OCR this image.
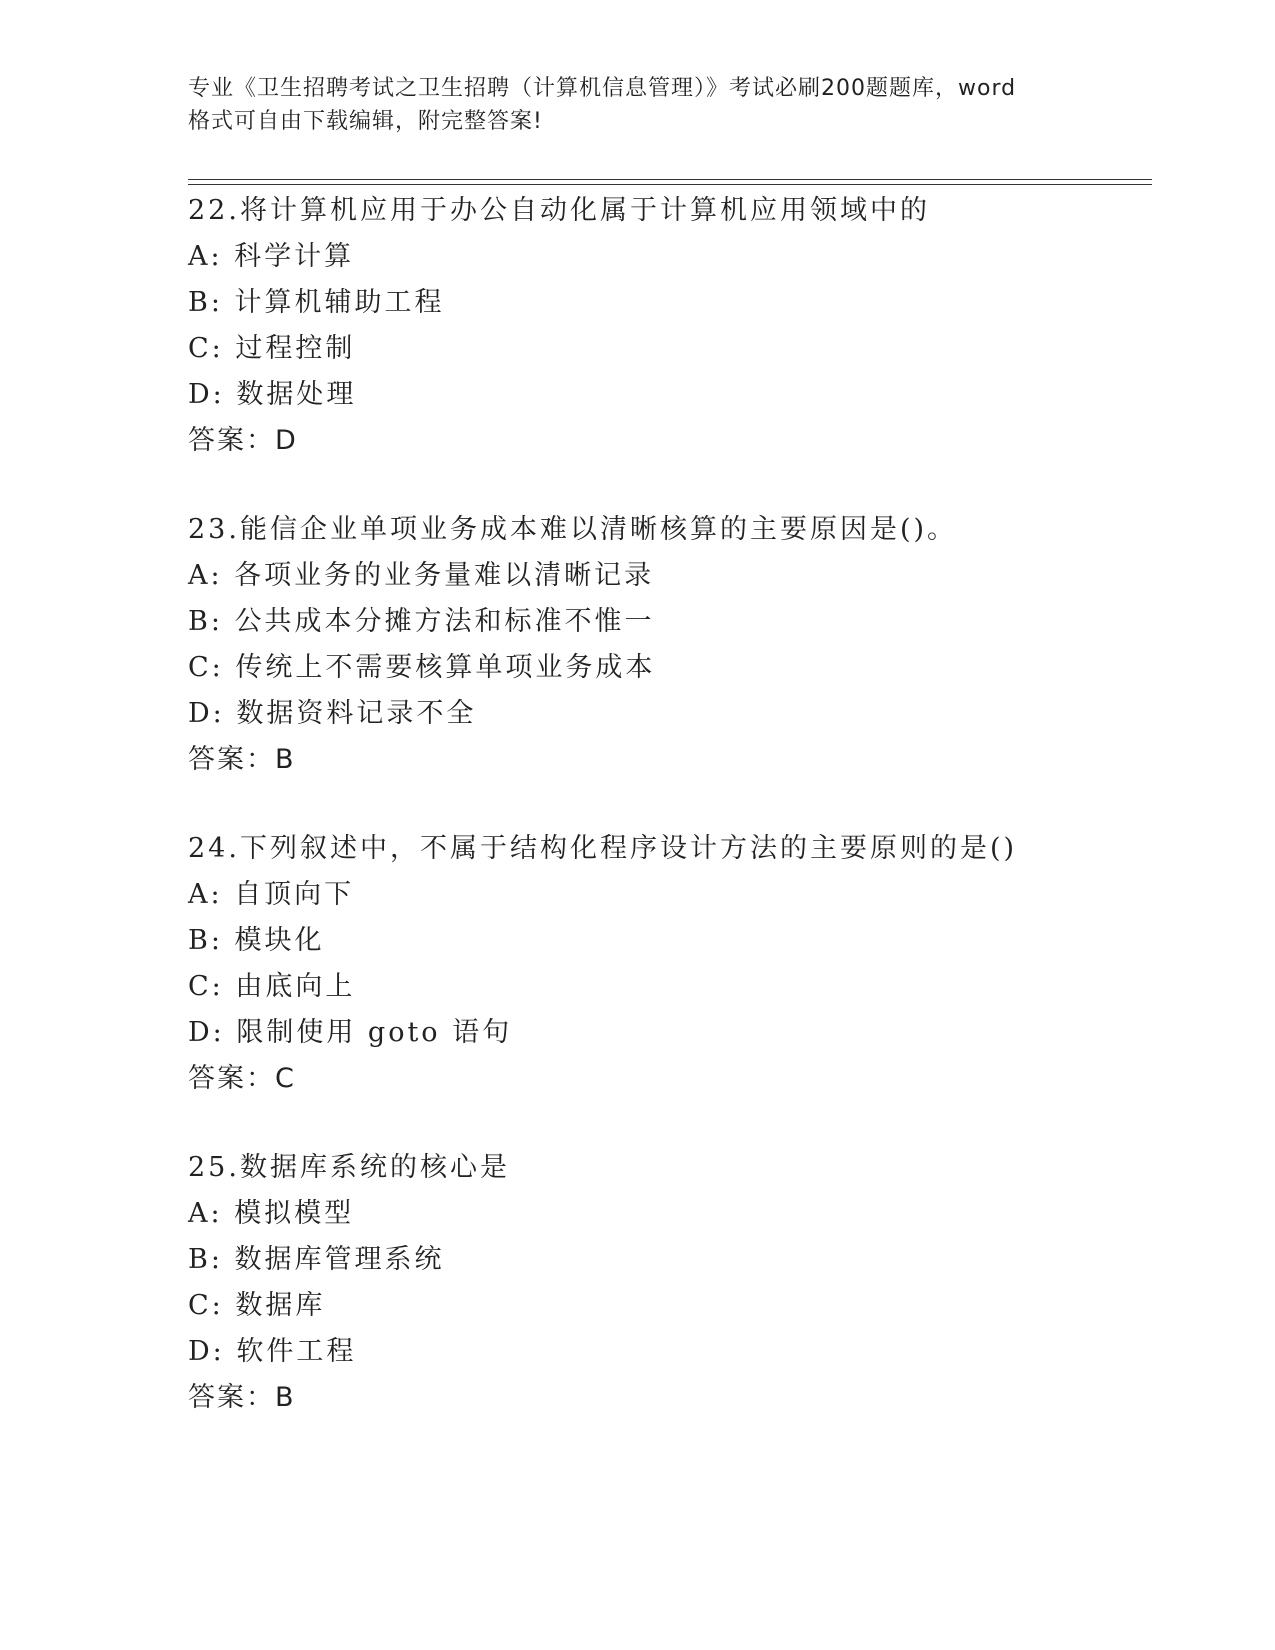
专业《卫生招聘考试之卫生招聘（计算机信息管理）》考试必刷200题题库，word
格式可自由下载编辑，附完整答案!
22.将计算机应用于办公自动化属于计算机应用领域中的
A: 科学计算
B: 计算机辅助工程
C: 过程控制
D: 数据处理
答案：D
23.能信企业单项业务成本难以清晰核算的主要原因是()。
A: 各项业务的业务量难以清晰记录
B: 公共成本分摊方法和标准不惟一
C: 传统上不需要核算单项业务成本
D: 数据资料记录不全
答案：B
24.下列叙述中，不属于结构化程序设计方法的主要原则的是()
A: 自顶向下
B: 模块化
C: 由底向上
D: 限制使用 goto 语句
答案：C
25.数据库系统的核心是
A: 模拟模型
B: 数据库管理系统
C: 数据库
D: 软件工程
答案：B
